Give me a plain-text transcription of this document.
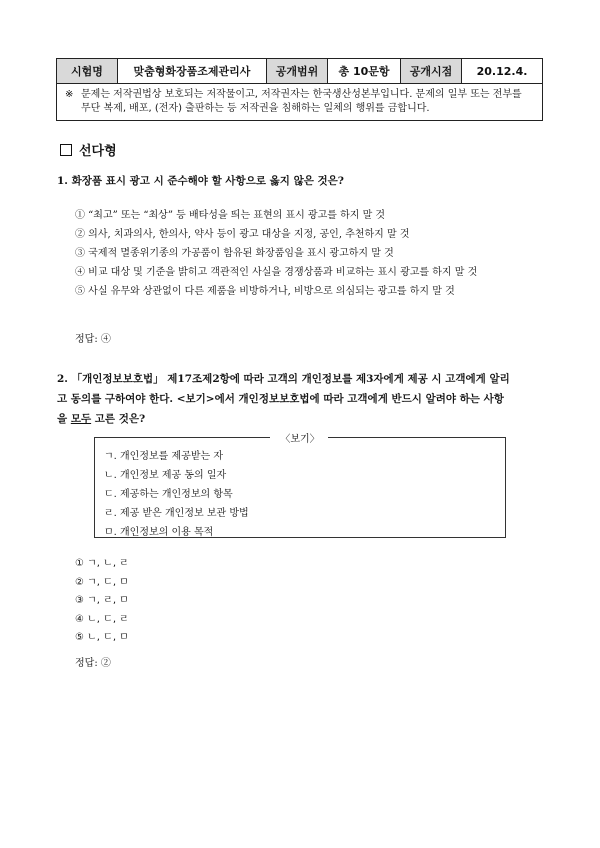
시험명	맞춤형화장품조제관리사	공개범위	총 10문항	공개시점	20.12.4.
※ 문제는 저작권법상 보호되는 저작물이고, 저작권자는 한국생산성본부입니다. 문제의 일부 또는 전부를 무단 복제, 배포, (전자) 출판하는 등 저작권을 침해하는 일체의 행위를 금합니다.
선다형
1. 화장품 표시 광고 시 준수해야 할 사항으로 옳지 않은 것은?
① “최고” 또는 “최상” 등 배타성을 띄는 표현의 표시 광고를 하지 말 것
② 의사, 치과의사, 한의사, 약사 등이 광고 대상을 지정, 공인, 추천하지 말 것
③ 국제적 멸종위기종의 가공품이 함유된 화장품임을 표시 광고하지 말 것
④ 비교 대상 및 기준을 밝히고 객관적인 사실을 경쟁상품과 비교하는 표시 광고를 하지 말 것
⑤ 사실 유무와 상관없이 다른 제품을 비방하거나, 비방으로 의심되는 광고를 하지 말 것
정답: ④
2. 「개인정보보호법」 제17조제2항에 따라 고객의 개인정보를 제3자에게 제공 시 고객에게 알리
고 동의를 구하여야 한다. <보기>에서 개인정보보호법에 따라 고객에게 반드시 알려야 하는 사항
을 모두 고른 것은?
〈보기〉
ㄱ. 개인정보를 제공받는 자
ㄴ. 개인정보 제공 동의 일자
ㄷ. 제공하는 개인정보의 항목
ㄹ. 제공 받은 개인정보 보관 방법
ㅁ. 개인정보의 이용 목적
① ㄱ, ㄴ, ㄹ
② ㄱ, ㄷ, ㅁ
③ ㄱ, ㄹ, ㅁ
④ ㄴ, ㄷ, ㄹ
⑤ ㄴ, ㄷ, ㅁ
정답: ②
